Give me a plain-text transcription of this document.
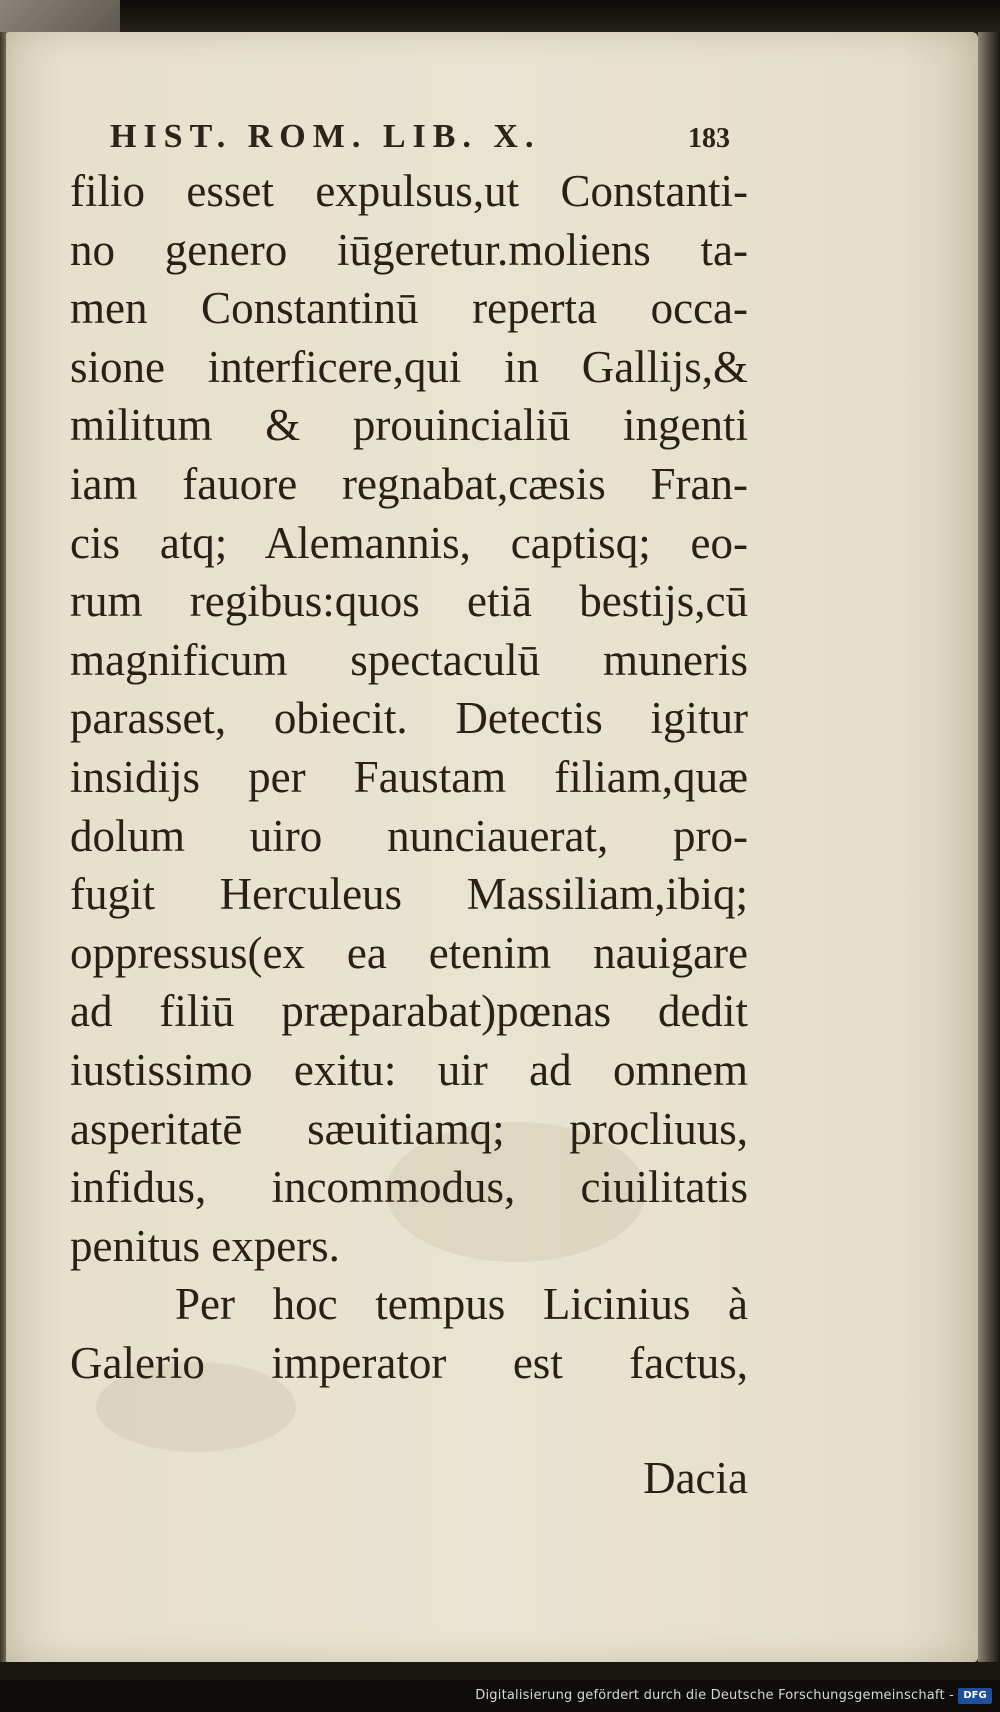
HIST. ROM. LIB. X.	183
filio esset expulsus,ut Constanti-
no genero iūgeretur.moliens ta-
men Constantinū reperta occa-
sione interficere,qui in Gallijs,&
militum & prouincialiū ingenti
iam fauore regnabat,cæsis Fran-
cis atq; Alemannis, captisq; eo-
rum regibus:quos etiā bestijs,cū
magnificum spectaculū muneris
parasset, obiecit. Detectis igitur
insidijs per Faustam filiam,quæ
dolum uiro nunciauerat, pro-
fugit Herculeus Massiliam,ibiq;
oppressus(ex ea etenim nauigare
ad filiū præparabat)pœnas dedit
iustissimo exitu: uir ad omnem
asperitatē sæuitiamq; procliuus,
infidus, incommodus, ciuilitatis
penitus expers.
Per hoc tempus Licinius à
Galerio imperator est factus,
Dacia
Digitalisierung gefördert durch die Deutsche Forschungsgemeinschaft - DFG
